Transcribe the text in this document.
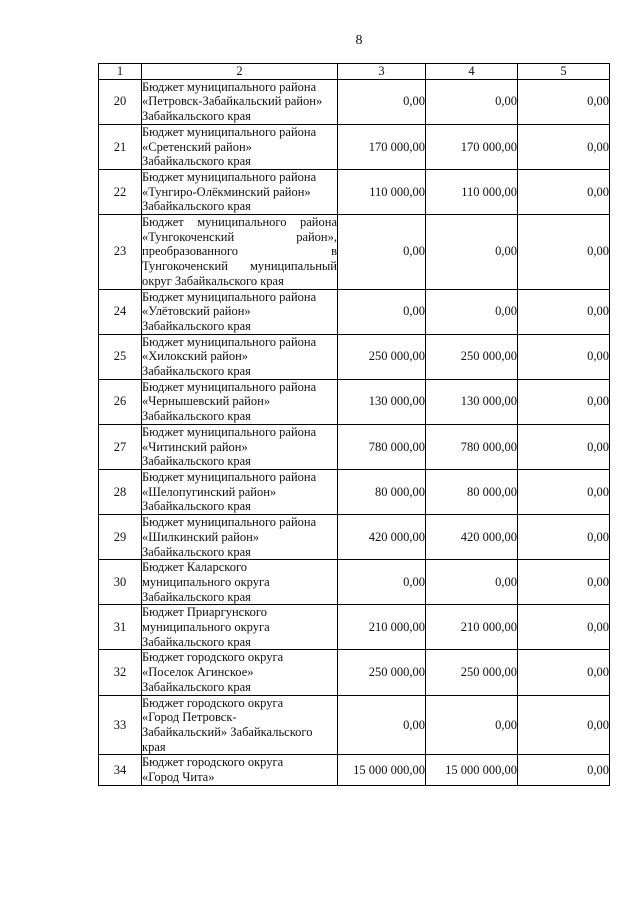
8
1	2	3	4	5
20	Бюджет муниципального района
«Петровск-Забайкальский район»
Забайкальского края	0,00	0,00	0,00
21	Бюджет муниципального района
«Сретенский район»
Забайкальского края	170 000,00	170 000,00	0,00
22	Бюджет муниципального района
«Тунгиро-Олёкминский район»
Забайкальского края	110 000,00	110 000,00	0,00
23	Бюджет муниципального района
«Тунгокоченский район»,
преобразованного в
Тунгокоченский муниципальный
округ Забайкальского края	0,00	0,00	0,00
24	Бюджет муниципального района
«Улётовский район»
Забайкальского края	0,00	0,00	0,00
25	Бюджет муниципального района
«Хилокский район»
Забайкальского края	250 000,00	250 000,00	0,00
26	Бюджет муниципального района
«Чернышевский район»
Забайкальского края	130 000,00	130 000,00	0,00
27	Бюджет муниципального района
«Читинский район»
Забайкальского края	780 000,00	780 000,00	0,00
28	Бюджет муниципального района
«Шелопугинский район»
Забайкальского края	80 000,00	80 000,00	0,00
29	Бюджет муниципального района
«Шилкинский район»
Забайкальского края	420 000,00	420 000,00	0,00
30	Бюджет Каларского
муниципального округа
Забайкальского края	0,00	0,00	0,00
31	Бюджет Приаргунского
муниципального округа
Забайкальского края	210 000,00	210 000,00	0,00
32	Бюджет городского округа
«Поселок Агинское»
Забайкальского края	250 000,00	250 000,00	0,00
33	Бюджет городского округа
«Город Петровск-
Забайкальский» Забайкальского
края	0,00	0,00	0,00
34	Бюджет городского округа
«Город Чита»	15 000 000,00	15 000 000,00	0,00
